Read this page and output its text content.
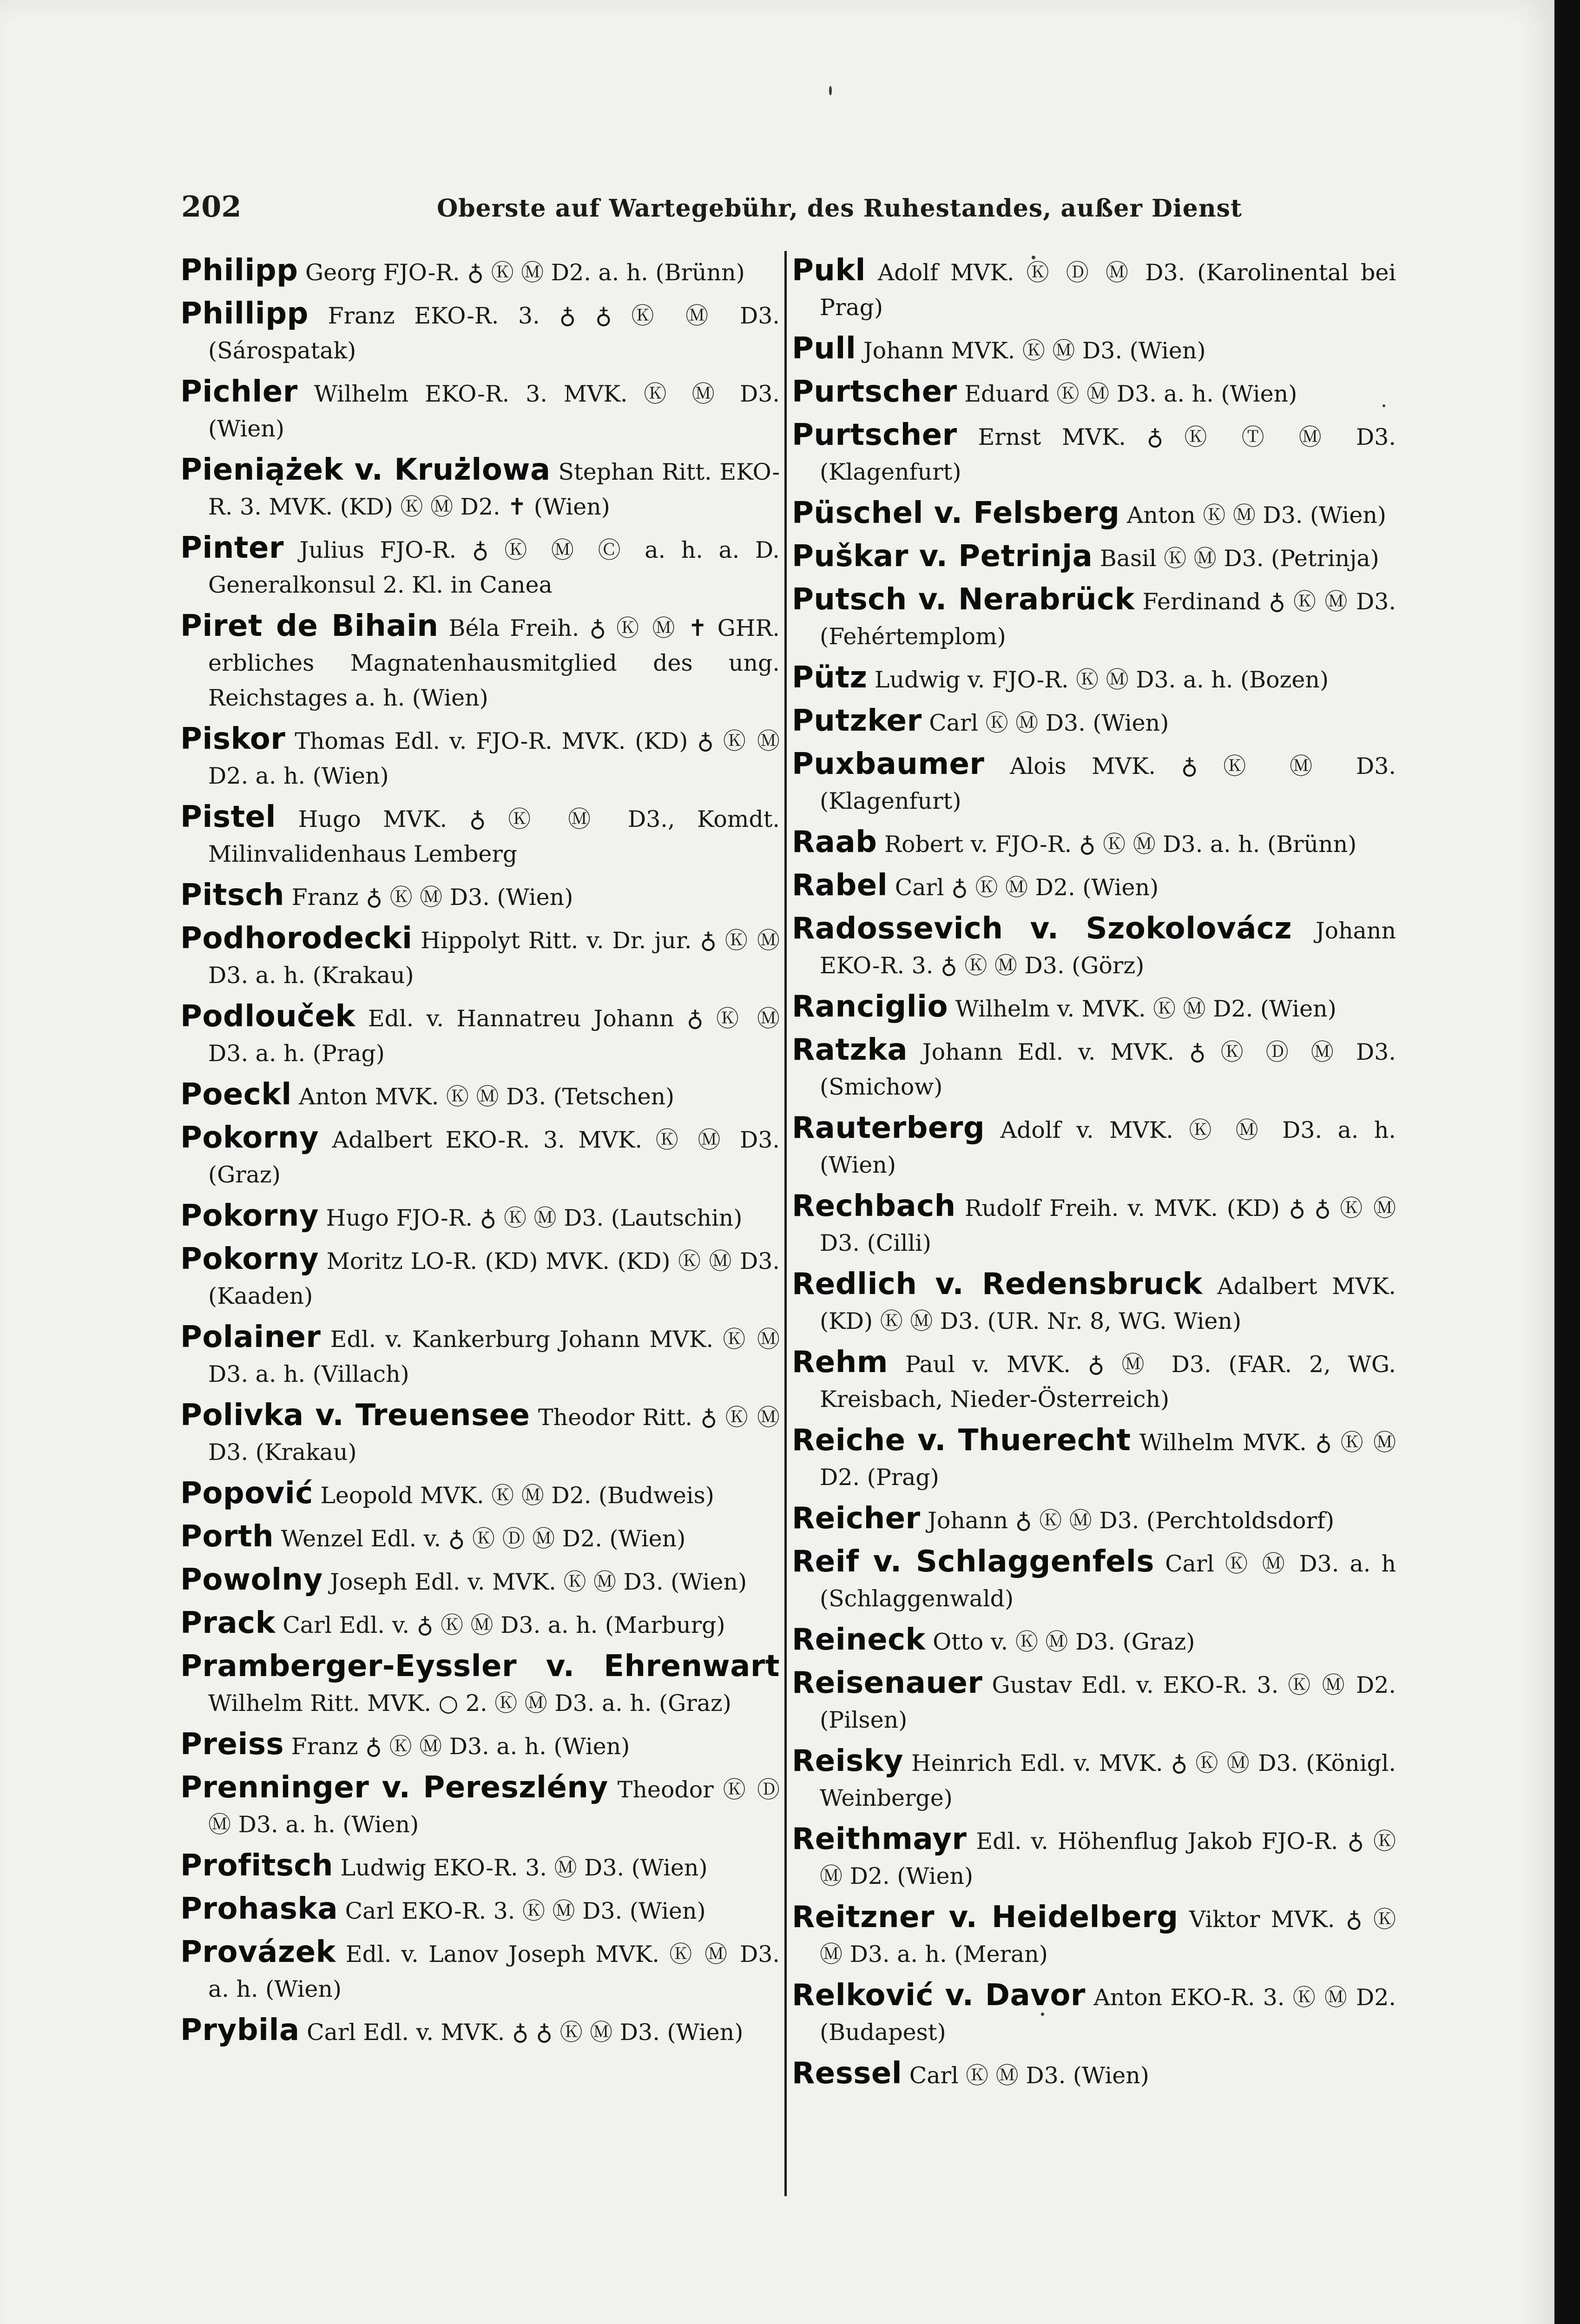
202	Oberste auf Wartegebühr, des Ruhestandes, außer Dienst
Philipp Georg FJO-R. ♁ Ⓚ Ⓜ D2. a. h. (Brünn)
Phillipp Franz EKO-R. 3. ♁ ♁ Ⓚ Ⓜ D3. (Sárospatak)
Pichler Wilhelm EKO-R. 3. MVK. Ⓚ Ⓜ D3. (Wien)
Pieniążek v. Krużlowa Stephan Ritt. EKO-R. 3. MVK. (KD) Ⓚ Ⓜ D2. ✝ (Wien)
Pinter Julius FJO-R. ♁ Ⓚ Ⓜ Ⓒ a. h. a. D. Generalkonsul 2. Kl. in Canea
Piret de Bihain Béla Freih. ♁ Ⓚ Ⓜ ✝ GHR. erbliches Magnatenhausmitglied des ung. Reichstages a. h. (Wien)
Piskor Thomas Edl. v. FJO-R. MVK. (KD) ♁ Ⓚ Ⓜ D2. a. h. (Wien)
Pistel Hugo MVK. ♁ Ⓚ Ⓜ D3., Komdt. Milinvalidenhaus Lemberg
Pitsch Franz ♁ Ⓚ Ⓜ D3. (Wien)
Podhorodecki Hippolyt Ritt. v. Dr. jur. ♁ Ⓚ Ⓜ D3. a. h. (Krakau)
Podlouček Edl. v. Hannatreu Johann ♁ Ⓚ Ⓜ D3. a. h. (Prag)
Poeckl Anton MVK. Ⓚ Ⓜ D3. (Tetschen)
Pokorny Adalbert EKO-R. 3. MVK. Ⓚ Ⓜ D3. (Graz)
Pokorny Hugo FJO-R. ♁ Ⓚ Ⓜ D3. (Lautschin)
Pokorny Moritz LO-R. (KD) MVK. (KD) Ⓚ Ⓜ D3. (Kaaden)
Polainer Edl. v. Kankerburg Johann MVK. Ⓚ Ⓜ D3. a. h. (Villach)
Polivka v. Treuensee Theodor Ritt. ♁ Ⓚ Ⓜ D3. (Krakau)
Popović Leopold MVK. Ⓚ Ⓜ D2. (Budweis)
Porth Wenzel Edl. v. ♁ Ⓚ Ⓓ Ⓜ D2. (Wien)
Powolny Joseph Edl. v. MVK. Ⓚ Ⓜ D3. (Wien)
Prack Carl Edl. v. ♁ Ⓚ Ⓜ D3. a. h. (Marburg)
Pramberger-Eyssler v. Ehrenwart Wilhelm Ritt. MVK. ○ 2. Ⓚ Ⓜ D3. a. h. (Graz)
Preiss Franz ♁ Ⓚ Ⓜ D3. a. h. (Wien)
Prenninger v. Pereszlény Theodor Ⓚ Ⓓ Ⓜ D3. a. h. (Wien)
Profitsch Ludwig EKO-R. 3. Ⓜ D3. (Wien)
Prohaska Carl EKO-R. 3. Ⓚ Ⓜ D3. (Wien)
Provázek Edl. v. Lanov Joseph MVK. Ⓚ Ⓜ D3. a. h. (Wien)
Prybila Carl Edl. v. MVK. ♁ ♁ Ⓚ Ⓜ D3. (Wien)
Pukl Adolf MVK. Ⓚ Ⓓ Ⓜ D3. (Karolinental bei Prag)
Pull Johann MVK. Ⓚ Ⓜ D3. (Wien)
Purtscher Eduard Ⓚ Ⓜ D3. a. h. (Wien)
Purtscher Ernst MVK. ♁ Ⓚ Ⓣ Ⓜ D3. (Klagenfurt)
Püschel v. Felsberg Anton Ⓚ Ⓜ D3. (Wien)
Puškar v. Petrinja Basil Ⓚ Ⓜ D3. (Petrinja)
Putsch v. Nerabrück Ferdinand ♁ Ⓚ Ⓜ D3. (Fehértemplom)
Pütz Ludwig v. FJO-R. Ⓚ Ⓜ D3. a. h. (Bozen)
Putzker Carl Ⓚ Ⓜ D3. (Wien)
Puxbaumer Alois MVK. ♁ Ⓚ Ⓜ D3. (Klagenfurt)
Raab Robert v. FJO-R. ♁ Ⓚ Ⓜ D3. a. h. (Brünn)
Rabel Carl ♁ Ⓚ Ⓜ D2. (Wien)
Radossevich v. Szokolovácz Johann EKO-R. 3. ♁ Ⓚ Ⓜ D3. (Görz)
Ranciglio Wilhelm v. MVK. Ⓚ Ⓜ D2. (Wien)
Ratzka Johann Edl. v. MVK. ♁ Ⓚ Ⓓ Ⓜ D3. (Smichow)
Rauterberg Adolf v. MVK. Ⓚ Ⓜ D3. a. h. (Wien)
Rechbach Rudolf Freih. v. MVK. (KD) ♁ ♁ Ⓚ Ⓜ D3. (Cilli)
Redlich v. Redensbruck Adalbert MVK. (KD) Ⓚ Ⓜ D3. (UR. Nr. 8, WG. Wien)
Rehm Paul v. MVK. ♁ Ⓜ D3. (FAR. 2, WG. Kreisbach, Nieder-Österreich)
Reiche v. Thuerecht Wilhelm MVK. ♁ Ⓚ Ⓜ D2. (Prag)
Reicher Johann ♁ Ⓚ Ⓜ D3. (Perchtoldsdorf)
Reif v. Schlaggenfels Carl Ⓚ Ⓜ D3. a. h (Schlaggenwald)
Reineck Otto v. Ⓚ Ⓜ D3. (Graz)
Reisenauer Gustav Edl. v. EKO-R. 3. Ⓚ Ⓜ D2. (Pilsen)
Reisky Heinrich Edl. v. MVK. ♁ Ⓚ Ⓜ D3. (Königl. Weinberge)
Reithmayr Edl. v. Höhenflug Jakob FJO-R. ♁ Ⓚ Ⓜ D2. (Wien)
Reitzner v. Heidelberg Viktor MVK. ♁ Ⓚ Ⓜ D3. a. h. (Meran)
Relković v. Davor Anton EKO-R. 3. Ⓚ Ⓜ D2. (Budapest)
Ressel Carl Ⓚ Ⓜ D3. (Wien)
